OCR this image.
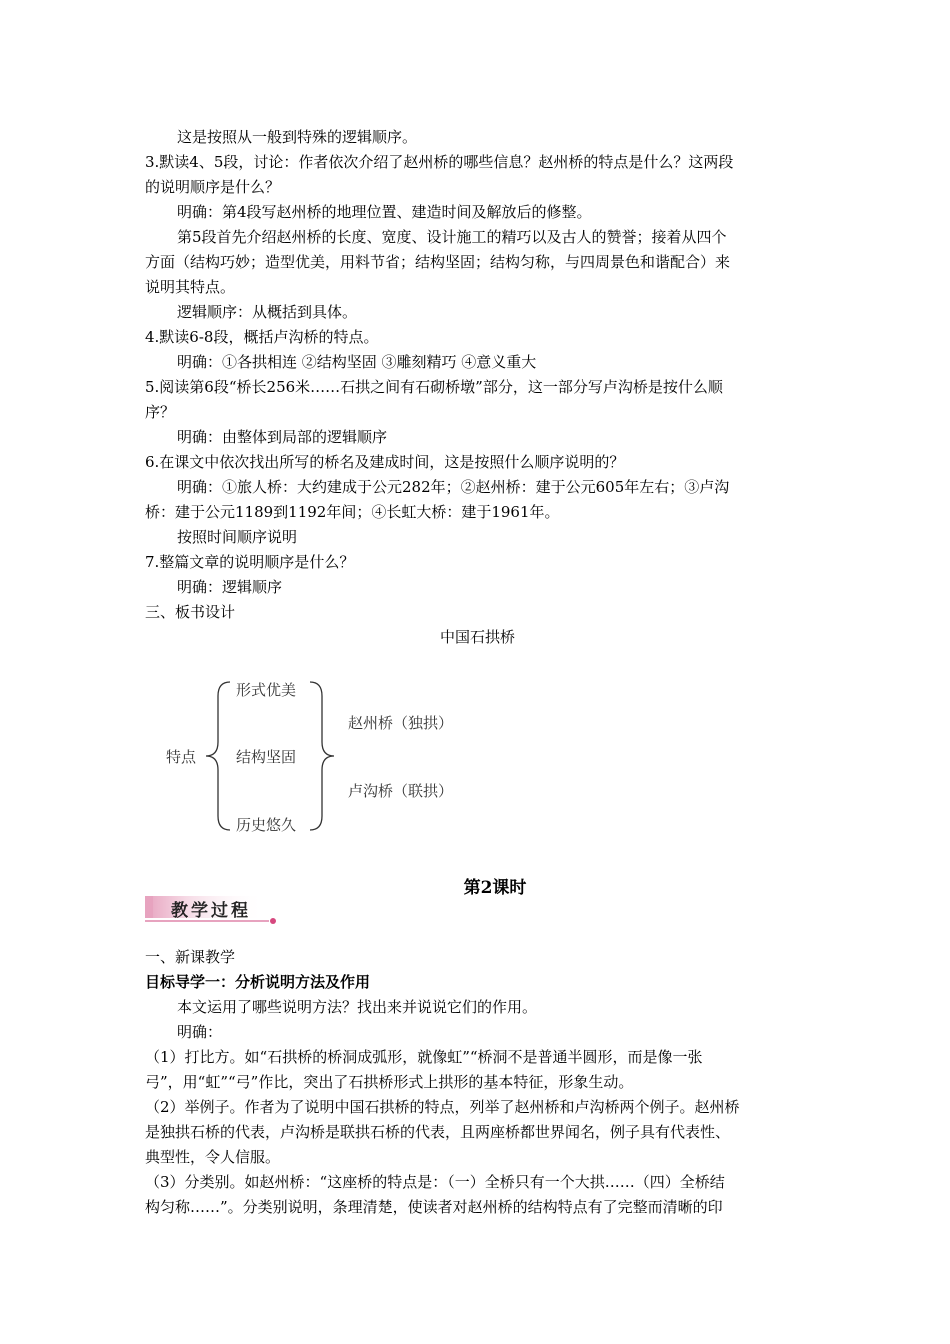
这是按照从一般到特殊的逻辑顺序。
3.默读4、5段，讨论：作者依次介绍了赵州桥的哪些信息？赵州桥的特点是什么？这两段
的说明顺序是什么？
明确：第4段写赵州桥的地理位置、建造时间及解放后的修整。
第5段首先介绍赵州桥的长度、宽度、设计施工的精巧以及古人的赞誉；接着从四个
方面（结构巧妙；造型优美，用料节省；结构坚固；结构匀称，与四周景色和谐配合）来
说明其特点。
逻辑顺序：从概括到具体。
4.默读6-8段，概括卢沟桥的特点。
明确：①各拱相连 ②结构坚固 ③雕刻精巧 ④意义重大
5.阅读第6段“桥长256米……石拱之间有石砌桥墩”部分，这一部分写卢沟桥是按什么顺
序？
明确：由整体到局部的逻辑顺序
6.在课文中依次找出所写的桥名及建成时间，这是按照什么顺序说明的？
明确：①旅人桥：大约建成于公元282年；②赵州桥：建于公元605年左右；③卢沟
桥：建于公元1189到1192年间；④长虹大桥：建于1961年。
按照时间顺序说明
7.整篇文章的说明顺序是什么？
明确：逻辑顺序
三、板书设计
中国石拱桥
特点
形式优美
结构坚固
历史悠久
赵州桥（独拱）
卢沟桥（联拱）
第2课时
教学过程
一、新课教学
目标导学一：分析说明方法及作用
本文运用了哪些说明方法？找出来并说说它们的作用。
明确：
（1）打比方。如“石拱桥的桥洞成弧形，就像虹”“桥洞不是普通半圆形，而是像一张
弓”，用“虹”“弓”作比，突出了石拱桥形式上拱形的基本特征，形象生动。
（2）举例子。作者为了说明中国石拱桥的特点，列举了赵州桥和卢沟桥两个例子。赵州桥
是独拱石桥的代表，卢沟桥是联拱石桥的代表，且两座桥都世界闻名，例子具有代表性、
典型性，令人信服。
（3）分类别。如赵州桥：“这座桥的特点是：（一）全桥只有一个大拱……（四）全桥结
构匀称……”。分类别说明，条理清楚，使读者对赵州桥的结构特点有了完整而清晰的印
